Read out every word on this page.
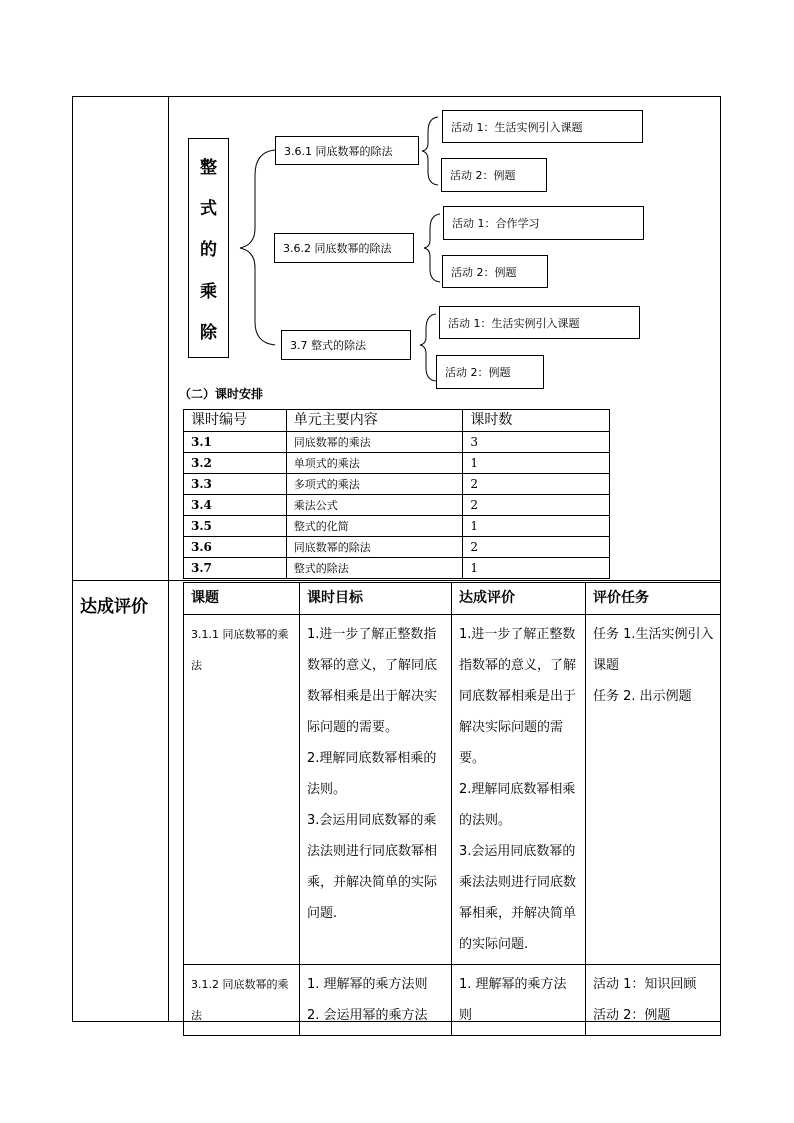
达成评价
整
式
的
乘
除
3.6.1 同底数幂的除法
3.6.2 同底数幂的除法
3.7 整式的除法
活动 1：生活实例引入课题
活动 2：例题
活动 1：合作学习
活动 2：例题
活动 1：生活实例引入课题
活动 2：例题
（二）课时安排
课时编号	单元主要内容	课时数
3.1	同底数幂的乘法	3
3.2	单项式的乘法	1
3.3	多项式的乘法	2
3.4	乘法公式	2
3.5	整式的化简	1
3.6	同底数幂的除法	2
3.7	整式的除法	1
课题	课时目标	达成评价	评价任务
3.1.1 同底数幂的乘法	1.进一步了解正整数指数幂的意义，了解同底数幂相乘是出于解决实际问题的需要。
2.理解同底数幂相乘的法则。
3.会运用同底数幂的乘法法则进行同底数幂相乘，并解决简单的实际问题.	1.进一步了解正整数指数幂的意义，了解同底数幂相乘是出于解决实际问题的需要。
2.理解同底数幂相乘的法则。
3.会运用同底数幂的乘法法则进行同底数幂相乘，并解决简单的实际问题.	任务 1.生活实例引入课题
任务 2. 出示例题

3.1.2 同底数幂的乘法	1. 理解幂的乘方法则
2. 会运用幂的乘方法	1. 理解幂的乘方法则	活动 1：知识回顾
活动 2：例题
